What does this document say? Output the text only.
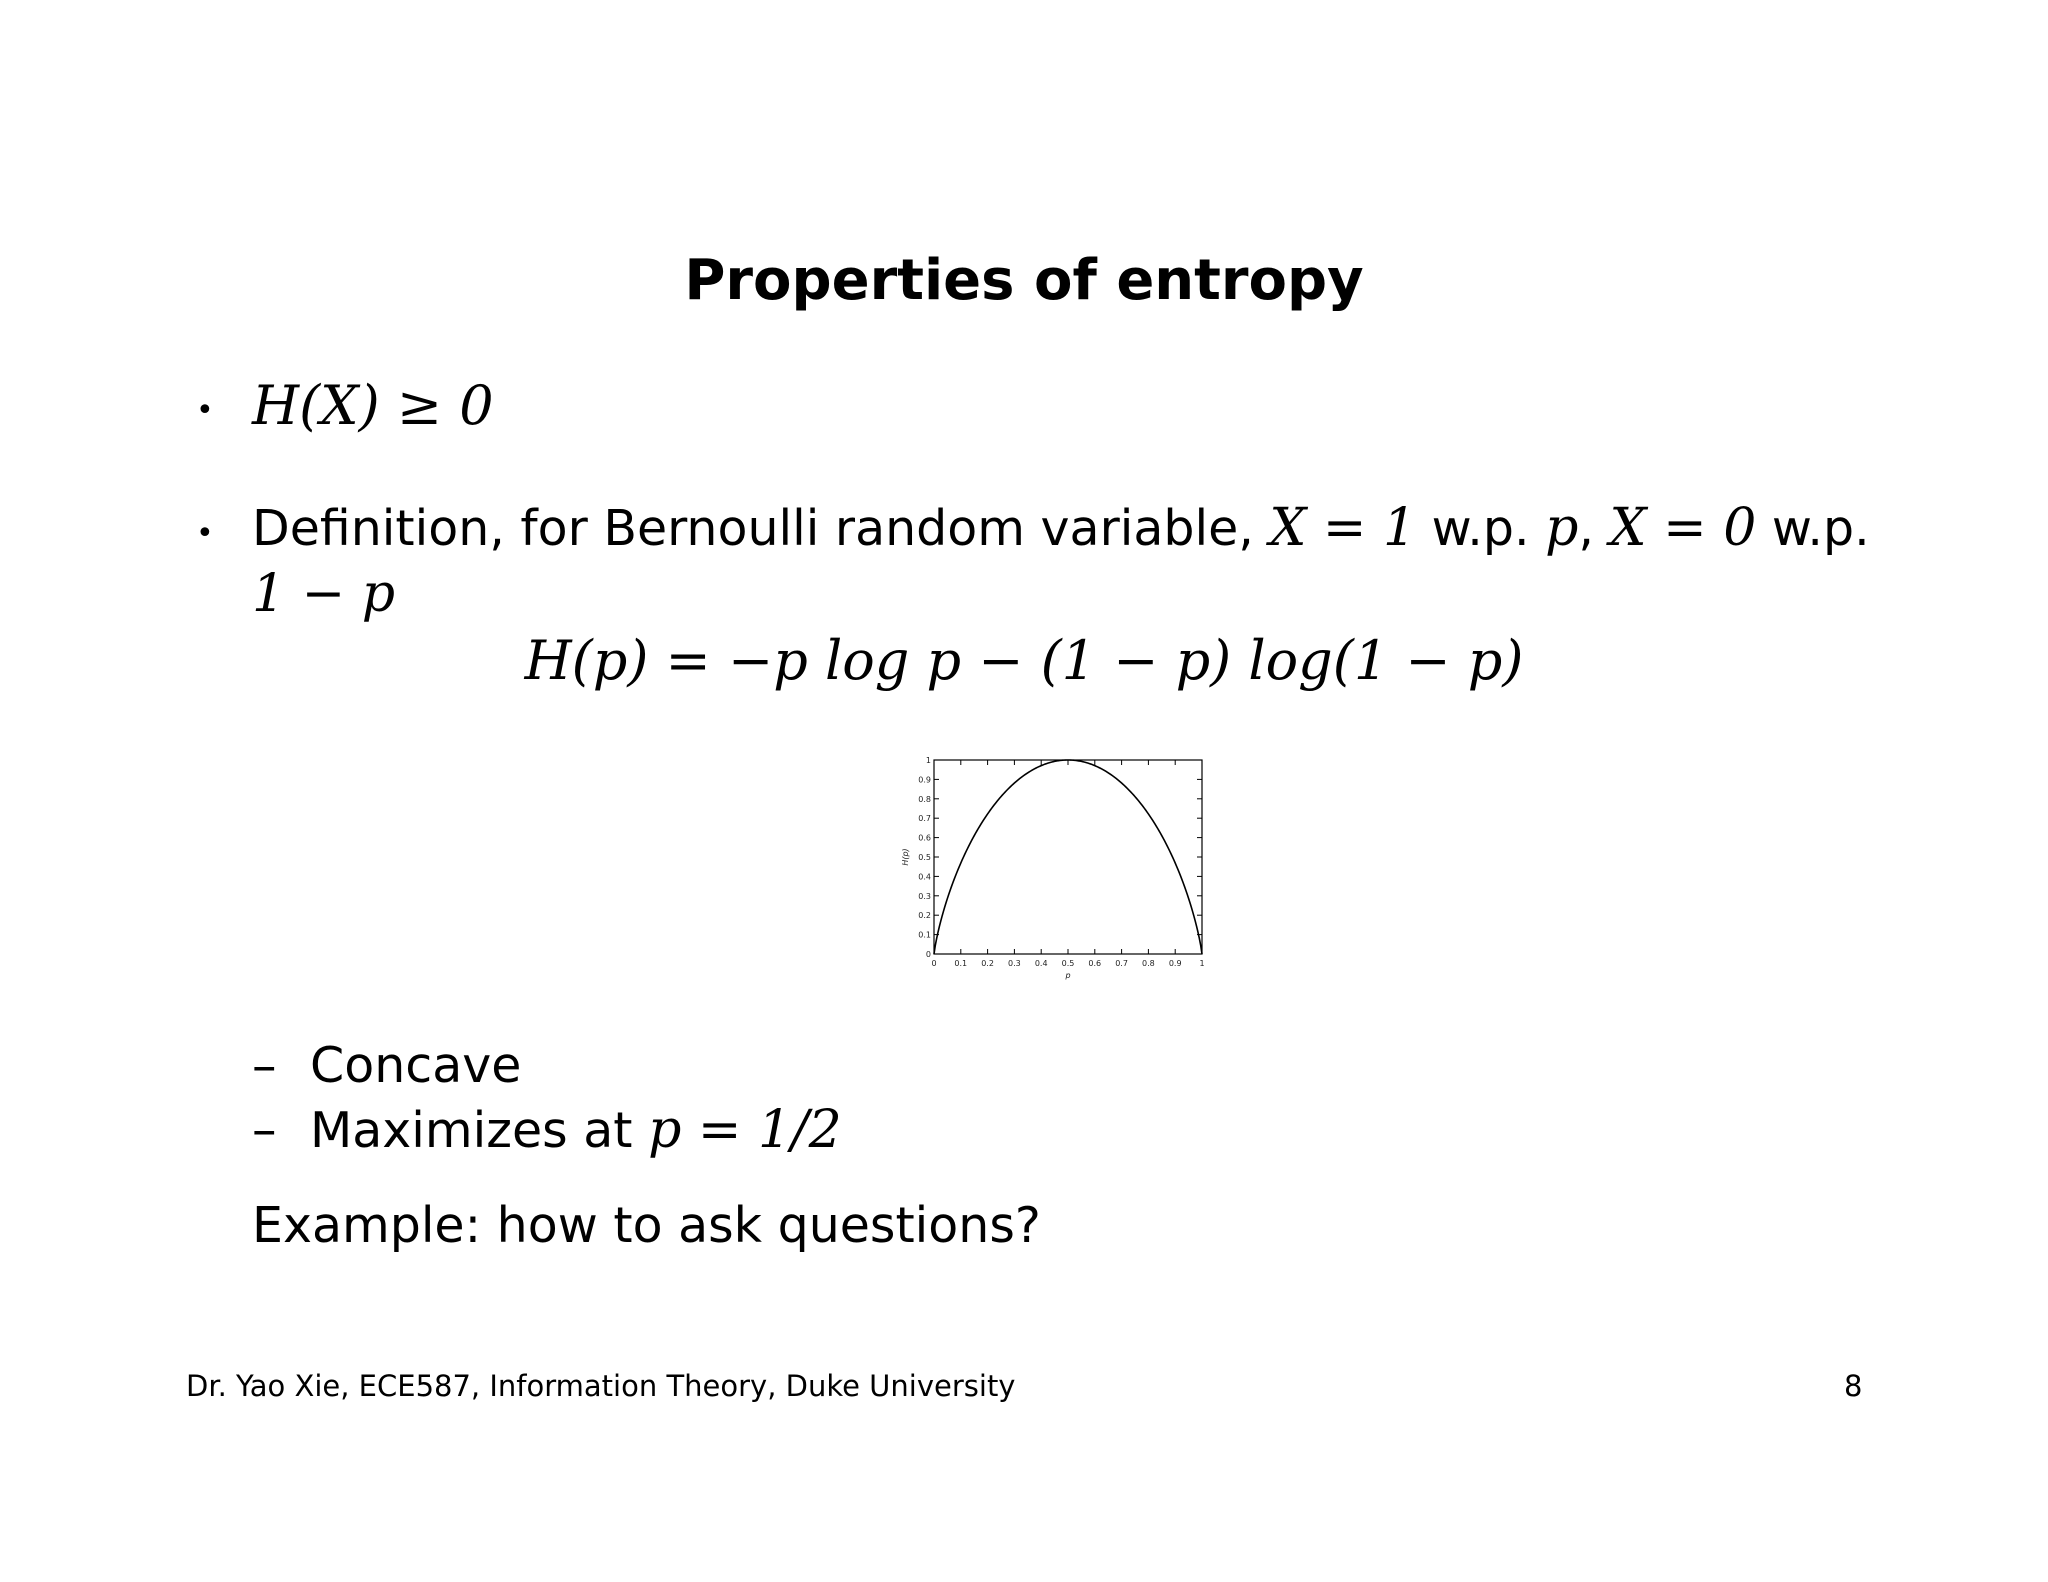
Properties of entropy
• H(X) ≥ 0
• Definition, for Bernoulli random variable, X = 1 w.p. p, X = 0 w.p.
1 − p
H(p) = −p log p − (1 − p) log(1 − p)
0 0.1 0.2 0.3 0.4 0.5 0.6 0.7 0.8 0.9 1
0
0.1
0.2
0.3
0.4
0.5
0.6
0.7
0.8
0.9
1
p
H(p)
– Concave
– Maximizes at p = 1/2
Example: how to ask questions?
Dr. Yao Xie, ECE587, Information Theory, Duke University	8
